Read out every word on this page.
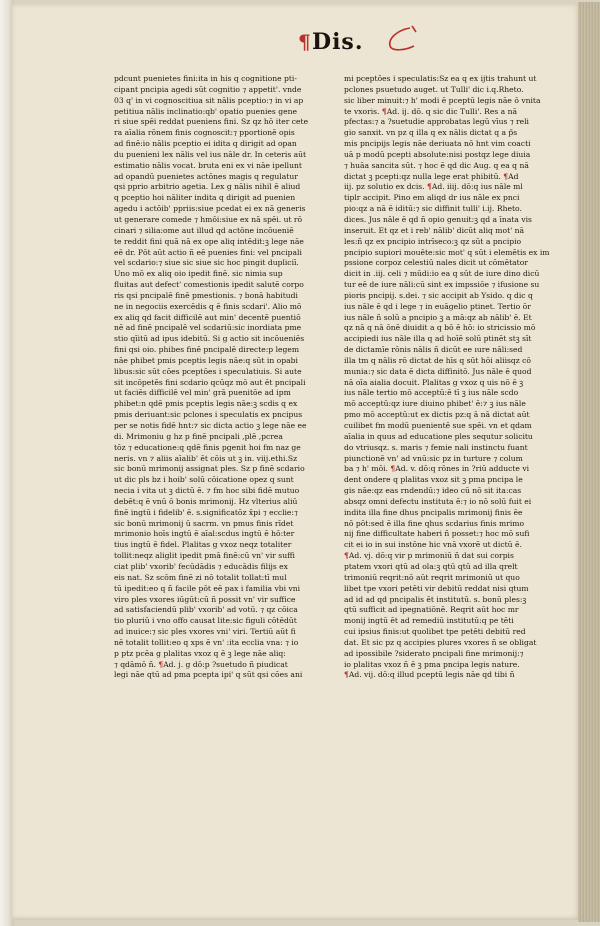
¶ Dis.
pdcunt puenietes fini:ita in his q cognitione pti-
cipant pncipia agedi sūt cognitio ⁊ appetit'. vnde
03 q' in vi cognoscitiua sit nālis pceptio:⁊ in vi ap
petitiua nālis inclinatio:qb' opatio puenies gene
ri siue spēi reddat pueniens fini. Sz qz hō iter cete
ra aīalia rōnem finis cognoscit:⁊ pportionē opis
ad finē:io nālis pceptio ei idita q dirigit ad opan
du puenieni lex nālis vel ius nāle dr. In ceteris aūt
estimatio nālis vocat. bruta eni ex vi nāe ipellunt
ad opandū puenietes actōnes magis q regulatur
qsi pprio arbitrio agetia. Lex g nālis nihil ē aliud
q pceptio hoi nāliter indita q dirigit ad puenien
agedu i actōib' ppriis:siue pcedat ei ex nā generis
ut generare comede ⁊ hmōi:siue ex nā spēi. ut rō
cinari ⁊ silia:ome aut illud qd actōne incōueniē
te reddit fini quā nā ex ope aliq intēdit:ꝫ lege nāe
eē dr. Pōt aūt actio ñ eē puenies fini: vel pncipali
vel scdario:⁊ siue sic siue sic hoc pingit dupliciī.
Uno mō ex aliq oio ipedit finē. sic nimia sup
fluitas aut defect' comestionis ipedit salutē corpo
ris qsi pncipalē finē pmestionis. ⁊ bonā habitudi
ne in negociis exercēdis q ē finis scdari'. Alio mō
ex aliq qd facit difficilē aut min' decentē puentiō
nē ad finē pncipalē vel scdariū:sic inordiata pme
stio qīitū ad ipus idebitū. Si g actio sit incōueniēs
fini qsi oio. phibes finē pncipalē directe:p legem
nāe phibet pmis pceptis legis nāe:q sūt in opabi
libus:sic sūt cōes pceptōes i speculatiuis. Si aute
sit incōpetēs fini scdario qcūqz mō aut ēt pncipali
ut faciēs difficilē vel min' grā puenitōe ad ipm
phibet:n qdē pmis pceptis legis nāe:ꝫ scdis q ex
pmis deriuant:sic pclones i speculatis ex pncipus
per se notis fidē hnt:⁊ sic dicta actio ꝫ lege nāe ee
di. Mrimoniu g hz p finē pncipali ,plē ,pcrea
tōz ⁊ educatione:q qdē finis pgenit hoi fm naz ge
neris. vn ⁊ aliis aīalib' ēt cōis ut ꝫ in. viij.ethi.Sz
sic bonū mrimonij assignat ples. Sz p finē scdario
ut dic pls bz i hoib' solū cōicatione opez q sunt
necia i vita ut ꝫ dictū ē. ⁊ fm hoc sibi fidē mutuo
debēt:q ē vnū ō bonis mrimonij. Hz vlterius aliū
finē ingtū i fidelib' ē. s.significatōz x̄pi ⁊ ecclie:⁊
sic bonū mrimonij ū sacrm. vn pmus finis rīdet
mrimonio hoīs ingtū ē aīal:scdus ingtū ē hō:ter
tius ingtū ē fidel. Plalitas g vxoz neqz totaliter
tollit:neqz aliglit ipedit pmā finē:cū vn' vir suffi
ciat plib' vxorib' fecūdādis ⁊ educādis filijs ex
eis nat. Sz scōm finē zi nō totalit tollat:tī mul
tū ipedit:eo q ñ facile pōt eē pax i familia vbi vni
viro ples vxores iūgūt:cū ñ possit vn' vir suffice
ad satisfaciendū plib' vxorib' ad votū. ⁊ qz cōica
tio pluriū i vno offo causat lite:sic figuli cōtēdūt
ad inuice:⁊ sic ples vxores vni' viri. Tertiū aūt fi
nē totalit tollit:eo q xps ē vn' :ita ecclia vna: ⁊ io
p ptz pcēa g plalitas vxoz q ē ꝫ lege nāe aliq:
⁊ qdāmō ñ. ¶Ad. j. g dō:p ?suetudo ñ piudicat
legi nāe qtū ad pma pcepta ipi' q sūt qsi cōes ani
mi pceptōes i speculatis:Sz ea q ex ijtis trahunt ut
pclones psuetudo auget. ut Tulli' dic i.q.Rheto.
sic liber minuit:⁊ h' modi ē pceptū legis nāe ō vnita
te vxoris. ¶Ad. ij. dō. q sic dic Tulli'. Res a nā
pfectas:⁊ a ?suetudie approbatas legū vīus ⁊ reli
gio sanxit. vn pz q illa q ex nālis dictat q a ṗ̄s
mis pncipijs legis nāe deriuata nō hnt vim coacti
uā p modū pcepti absolute:nisi postqz lege diuia
⁊ huāa sancita sūt. ⁊ hoc ē qd dic Aug. q ea q nā
dictat ꝫ pcepti:qz nulla lege erat phibitū. ¶Ad
iij. pz solutio ex dcis. ¶Ad. iiij. dō:q ius nāle ml
tiplr accipit. Pino em aliqd dr ius nāle ex pnci
pio:qz a nā ē iditū:⁊ sic diffinit tulli' i.ij. Rheto.
dices. Jus nāle ē qd ñ opio genuit:ꝫ qd a īnata vis
inseruit. Et qz et i reb' nālib' dicūt aliq mot' nā
les:ñ qz ex pncipio intrīseco:ꝫ qz sūt a pncipio
pncipio supiori mouēte:sic mot' q sūt i elemētis ex im
pssione corpoz celestiū nales dicit ut cōmētator
dicit in .iij. celi ⁊ mūdi:io ea q sūt de iure dino dicū
tur eē de iure nāli:cū sint ex impssiōe ⁊ ifusione su
pioris pncipij. s.dei. ⁊ sic accipit ab Ysido. q dic q
ius nāle ē qd i lege ⁊ in euāgelio ptinet. Tertio ōr
ius nāle ñ solū a pncipio ꝫ a mā:qz ab nālib' ē. Et
qz nā q nā ōnē diuidit a q bō ē hō: io stricissio mō
accipiedi ius nāle illa q ad hoīē solū ptinēt stꝫ sīt
de dictamīe rōnis nālis ñ dicūt ee ıure nāli:sed
illa tm q nālis rō dictat de hīs q sūt hōi aliisqz cō
munia:⁊ sic data ē dicta diffinitō. Jus nāle ē quod
nā oīa aialia docuit. Plalitas g vxoz q uis nō ē ꝫ
ius nāle tertio mō acceptū:ē tī ꝫ ius nāle scdo
mō acceptū:qz iure diuino phibet' ē:⁊ ꝫ ius nāle
pmo mō acceptū:ut ex dictis pz:q ā nā dictat aūt
cuilibet fm modū puenientē sue spēi. vn et qdam
aīalia in quus ad educatione ples sequtur solicitu
do vtriusqz. s. maris ⁊ femie nali instinctu fuant
piunctionē vn' ad vnū:sic pz in turture ⁊ colum
ba ⁊ h' mōi. ¶Ad. v. dō:q rōnes in ?riū adducte vi
dent ondere q plalitas vxoz sit ꝫ pma pncipa le
gis nāe:qz eas rndendū:⁊ ideo cū nō sit ita:cas
absqz omni defectu instituta ē:⁊ io nō solū fuit ei
indita illa fine dhus pncipalis mrimonij finis ēe
nō pōt:sed ē illa fine qhus scdarius finis mrimo
nij fine difficultate haberi ñ posset:⁊ hoc mō sufi
cit ei io in sui instōne hic vnā vxorē ut dictū ē.
¶Ad. vj. dō:q vir p mrimoniū ñ dat sui corpis
ptatem vxori qtū ad ola:ꝫ qtū qtū ad illa qrelt
trimoniū reqrit:nō aūt reqrit mrimoniū ut quo
libet tpe vxori petēti vir debitū reddat nisi qtum
ad id ad qd pncipalis ēt institutū. s. bonū ples:ꝫ
qtū sufficit ad ipegnatiōnē. Reqrit aūt hoc mr
monij ingtū ēt ad remediū institutū:q pe tēti
cui ipsius finis:ut quolibet tpe petēti debitū red
dat. Et sic pz q accipies plures vxores ñ se obligat
ad ipossibile ?siderato pncipali fine mrimonij:⁊
io plalitas vxoz ñ ē ꝫ pma pncipa legis nature.
¶Ad. vij. dō:q illud pceptū legis nāe qd tibi ñ
